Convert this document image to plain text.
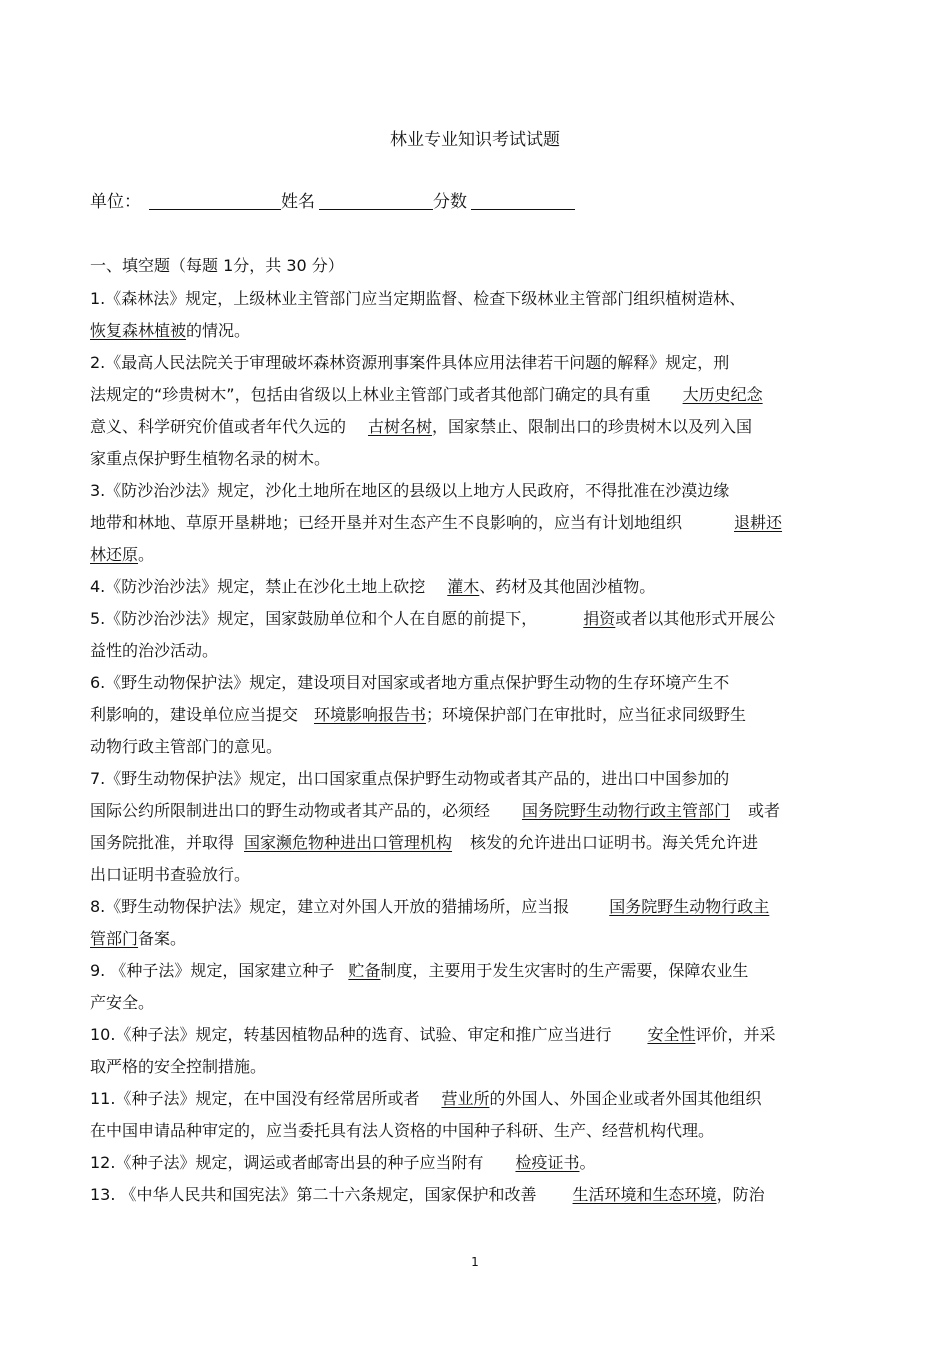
林业专业知识考试试题
单位：	姓名	分数
一、填空题（每题 1分，共 30 分）
1.《森林法》规定，上级林业主管部门应当定期监督、检查下级林业主管部门组织植树造林、
恢复森林植被的情况。
2.《最高人民法院关于审理破坏森林资源刑事案件具体应用法律若干问题的解释》规定，刑
法规定的“珍贵树木”，包括由省级以上林业主管部门或者其他部门确定的具有重 大历史纪念
意义、科学研究价值或者年代久远的 古树名树，国家禁止、限制出口的珍贵树木以及列入国
家重点保护野生植物名录的树木。
3.《防沙治沙法》规定，沙化土地所在地区的县级以上地方人民政府，不得批准在沙漠边缘
地带和林地、草原开垦耕地；已经开垦并对生态产生不良影响的，应当有计划地组织	退耕还
林还原。
4.《防沙治沙法》规定，禁止在沙化土地上砍挖 灌木、药材及其他固沙植物。
5.《防沙治沙法》规定，国家鼓励单位和个人在自愿的前提下，	捐资或者以其他形式开展公
益性的治沙活动。
6.《野生动物保护法》规定，建设项目对国家或者地方重点保护野生动物的生存环境产生不
利影响的，建设单位应当提交 环境影响报告书；环境保护部门在审批时，应当征求同级野生
动物行政主管部门的意见。
7.《野生动物保护法》规定，出口国家重点保护野生动物或者其产品的，进出口中国参加的
国际公约所限制进出口的野生动物或者其产品的，必须经 国务院野生动物行政主管部门 或者
国务院批准，并取得 国家濒危物种进出口管理机构 核发的允许进出口证明书。海关凭允许进
出口证明书查验放行。
8.《野生动物保护法》规定，建立对外国人开放的猎捕场所，应当报	国务院野生动物行政主
管部门备案。
9. 《种子法》规定，国家建立种子 贮备制度，主要用于发生灾害时的生产需要，保障农业生
产安全。
10.《种子法》规定，转基因植物品种的选育、试验、审定和推广应当进行 安全性评价，并采
取严格的安全控制措施。
11.《种子法》规定，在中国没有经常居所或者 营业所的外国人、外国企业或者外国其他组织
在中国申请品种审定的，应当委托具有法人资格的中国种子科研、生产、经营机构代理。
12.《种子法》规定，调运或者邮寄出县的种子应当附有 检疫证书。
13. 《中华人民共和国宪法》第二十六条规定，国家保护和改善 生活环境和生态环境，防治
1
